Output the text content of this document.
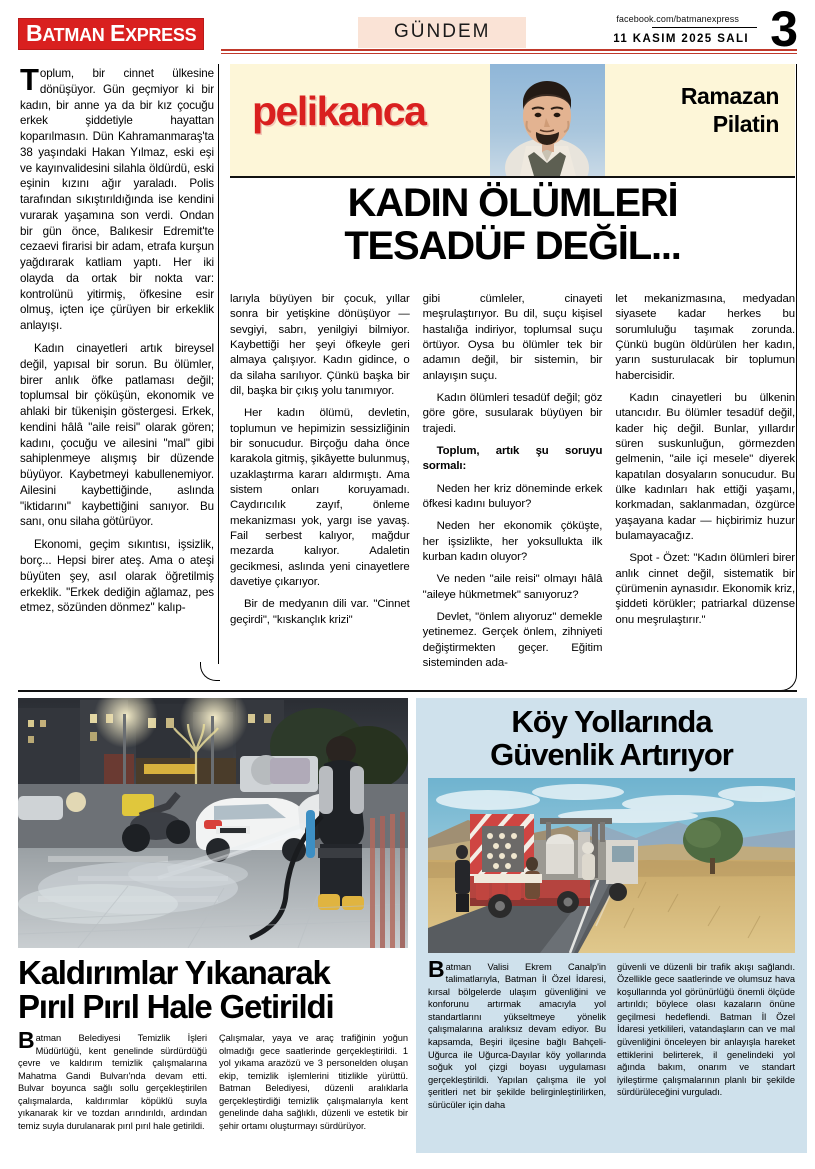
BATMAN EXPRESS	GÜNDEM
facebook.com/batmanexpress
11 KASIM 2025 SALI 3

Toplum, bir cinnet ülkesine dönüşüyor. Gün geçmiyor ki bir kadın, bir anne ya da bir kız çocuğu erkek şiddetiyle hayattan koparılmasın. Dün Kahramanmaraş'ta 38 yaşındaki Hakan Yılmaz, eski eşi ve kayınvalidesini silahla öldürdü, eski eşinin kızını ağır yaraladı. Polis tarafından sıkıştırıldığında ise kendini vurarak yaşamına son verdi. Ondan bir gün önce, Balıkesir Edremit'te cezaevi firarisi bir adam, etrafa kurşun yağdırarak katliam yaptı. Her iki olayda da ortak bir nokta var: kontrolünü yitirmiş, öfkesine esir olmuş, içten içe çürüyen bir erkeklik anlayışı.

Kadın cinayetleri artık bireysel değil, yapısal bir sorun. Bu ölümler, birer anlık öfke patlaması değil; toplumsal bir çöküşün, ekonomik ve ahlaki bir tükenişin göstergesi. Erkek, kendini hâlâ "aile reisi" olarak gören; kadını, çocuğu ve ailesini "mal" gibi sahiplenmeye alışmış bir düzende büyüyor. Kaybetmeyi kabullenemiyor. Ailesini kaybettiğinde, aslında "iktidarını" kaybettiğini sanıyor. Bu sanı, onu silaha götürüyor.

Ekonomi, geçim sıkıntısı, işsizlik, borç... Hepsi birer ateş. Ama o ateşi büyüten şey, asıl olarak öğretilmiş erkeklik. "Erkek dediğin ağlamaz, pes etmez, sözünden dönmez" kalıp-

pelikanca	Ramazan
Pilatin
KADIN ÖLÜMLERİ
TESADÜF DEĞİL...

larıyla büyüyen bir çocuk, yıllar sonra bir yetişkine dönüşüyor — sevgiyi, sabrı, yenilgiyi bilmiyor. Kaybettiği her şeyi öfkeyle geri almaya çalışıyor. Kadın gidince, o da silaha sarılıyor. Çünkü başka bir dil, başka bir çıkış yolu tanımıyor.

Her kadın ölümü, devletin, toplumun ve hepimizin sessizliğinin bir sonucudur. Birçoğu daha önce karakola gitmiş, şikâyette bulunmuş, uzaklaştırma kararı aldırmıştı. Ama sistem onları koruyamadı. Caydırıcılık zayıf, önleme mekanizması yok, yargı ise yavaş. Fail serbest kalıyor, mağdur mezarda kalıyor. Adaletin gecikmesi, aslında yeni cinayetlere davetiye çıkarıyor.

Bir de medyanın dili var. "Cinnet geçirdi", "kıskançlık krizi"

gibi cümleler, cinayeti meşrulaştırıyor. Bu dil, suçu kişisel hastalığa indiriyor, toplumsal suçu örtüyor. Oysa bu ölümler tek bir adamın değil, bir sistemin, bir anlayışın suçu.

Kadın ölümleri tesadüf değil; göz göre göre, susularak büyüyen bir trajedi.

Toplum, artık şu soruyu sormalı:

Neden her kriz döneminde erkek öfkesi kadını buluyor?

Neden her ekonomik çöküşte, her işsizlikte, her yoksullukta ilk kurban kadın oluyor?

Ve neden "aile reisi" olmayı hâlâ "aileye hükmetmek" sanıyoruz?

Devlet, "önlem alıyoruz" demekle yetinemez. Gerçek önlem, zihniyeti değiştirmekten geçer. Eğitim sisteminden ada-

let mekanizmasına, medyadan siyasete kadar herkes bu sorumluluğu taşımak zorunda. Çünkü bugün öldürülen her kadın, yarın susturulacak bir toplumun habercisidir.

Kadın cinayetleri bu ülkenin utancıdır. Bu ölümler tesadüf değil, kader hiç değil. Bunlar, yıllardır süren suskunluğun, görmezden gelmenin, "aile içi mesele" diyerek kapatılan dosyaların sonucudur. Bu ülke kadınları hak ettiği yaşamı, korkmadan, saklanmadan, özgürce yaşayana kadar — hiçbirimiz huzur bulamayacağız.

Spot - Özet: "Kadın ölümleri birer anlık cinnet değil, sistematik bir çürümenin aynasıdır. Ekonomik kriz, şiddeti körükler; patriarkal düzense onu meşrulaştırır."

Kaldırımlar Yıkanarak
Pırıl Pırıl Hale Getirildi

Batman Belediyesi Temizlik İşleri Müdürlüğü, kent genelinde sürdürdüğü çevre ve kaldırım temizlik çalışmalarına Mahatma Gandi Bulvarı'nda devam etti. Bulvar boyunca sağlı sollu gerçekleştirilen çalışmalarda, kaldırımlar köpüklü suyla yıkanarak kir ve tozdan arındırıldı, ardından temiz suyla durulanarak pırıl pırıl hale getirildi.

Çalışmalar, yaya ve araç trafiğinin yoğun olmadığı gece saatlerinde gerçekleştirildi. 1 yol yıkama arazözü ve 3 personelden oluşan ekip, temizlik işlemlerini titizlikle yürüttü. Batman Belediyesi, düzenli aralıklarla gerçekleştirdiği temizlik çalışmalarıyla kent genelinde daha sağlıklı, düzenli ve estetik bir şehir ortamı oluşturmayı sürdürüyor.

Köy Yollarında
Güvenlik Artırıyor

Batman Valisi Ekrem Canalp'in talimatlarıyla, Batman İl Özel İdaresi, kırsal bölgelerde ulaşım güvenliğini ve konforunu artırmak amacıyla yol standartlarını yükseltmeye yönelik çalışmalarına aralıksız devam ediyor. Bu kapsamda, Beşiri ilçesine bağlı Bahçeli-Uğurca ile Uğurca-Dayılar köy yollarında soğuk yol çizgi boyası uygulaması gerçekleştirildi. Yapılan çalışma ile yol şeritleri net bir şekilde belirginleştirilirken, sürücüler için daha

güvenli ve düzenli bir trafik akışı sağlandı. Özellikle gece saatlerinde ve olumsuz hava koşullarında yol görünürlüğü önemli ölçüde artırıldı; böylece olası kazaların önüne geçilmesi hedeflendi. Batman İl Özel İdaresi yetkilileri, vatandaşların can ve mal güvenliğini önceleyen bir anlayışla hareket ettiklerini belirterek, il genelindeki yol ağında bakım, onarım ve standart iyileştirme çalışmalarının planlı bir şekilde sürdürüleceğini vurguladı.
